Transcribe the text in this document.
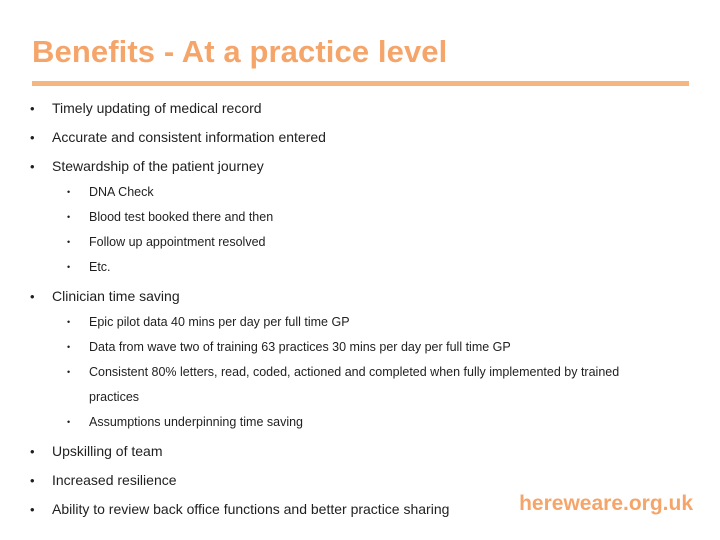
Benefits - At a practice level
• Timely updating of medical record
• Accurate and consistent information entered
• Stewardship of the patient journey
• DNA Check
• Blood test booked there and then
• Follow up appointment resolved
• Etc.
• Clinician time saving
• Epic pilot data 40 mins per day per full time GP
• Data from wave two of training 63 practices 30 mins per day per full time GP
• Consistent 80% letters, read, coded, actioned and completed when fully implemented by trained
practices
• Assumptions underpinning time saving
• Upskilling of team
• Increased resilience
• Ability to review back office functions and better practice sharing	hereweare.org.uk
